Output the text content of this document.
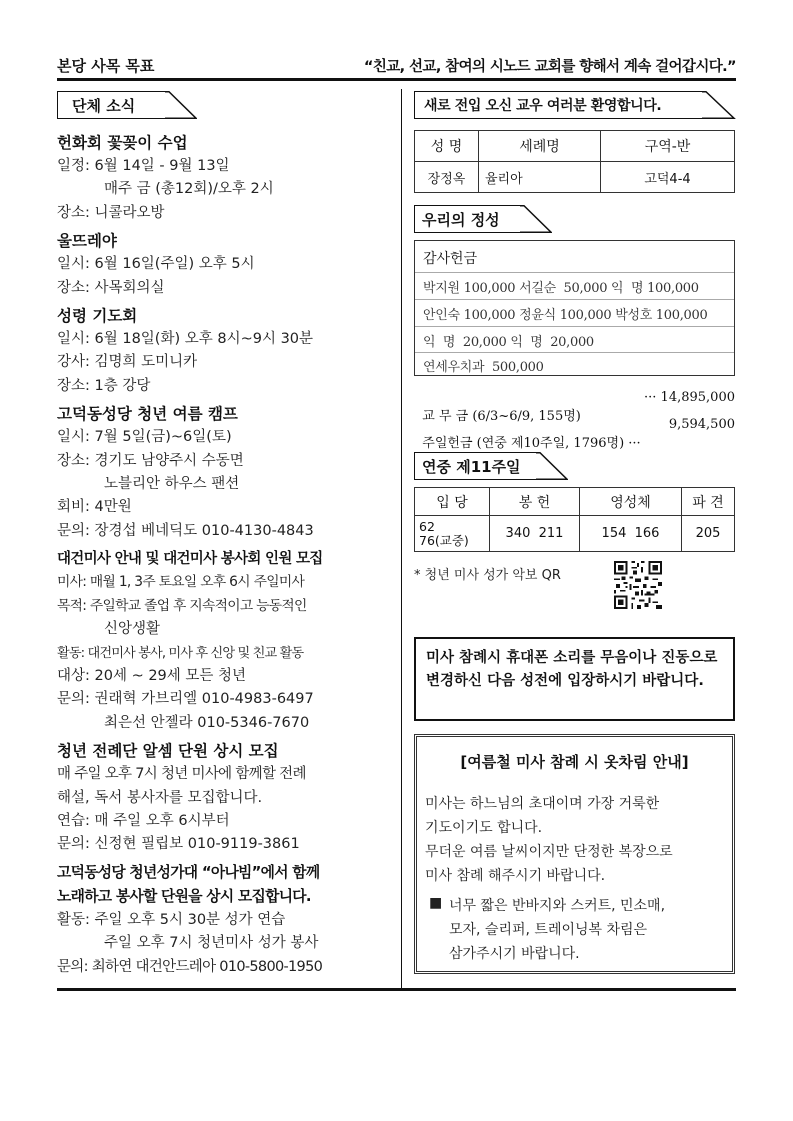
본당 사목 목표	“친교, 선교, 참여의 시노드 교회를 향해서 계속 걸어갑시다.”
단체 소식
헌화회 꽃꽂이 수업
일정: 6월 14일 - 9월 13일
매주 금 (총12회)/오후 2시
장소: 니콜라오방
울뜨레야
일시: 6월 16일(주일) 오후 5시
장소: 사목회의실
성령 기도회
일시: 6월 18일(화) 오후 8시~9시 30분
강사: 김명희 도미니카
장소: 1층 강당
고덕동성당 청년 여름 캠프
일시: 7월 5일(금)~6일(토)
장소: 경기도 남양주시 수동면
노블리안 하우스 팬션
회비: 4만원
문의: 장경섭 베네딕도 010-4130-4843
대건미사 안내 및 대건미사 봉사회 인원 모집
미사: 매월 1, 3주 토요일 오후 6시 주일미사
목적: 주일학교 졸업 후 지속적이고 능동적인
신앙생활
활동: 대건미사 봉사, 미사 후 신앙 및 친교 활동
대상: 20세 ~ 29세 모든 청년
문의: 권래혁 가브리엘 010-4983-6497
최은선 안젤라 010-5346-7670
청년 전례단 알셈 단원 상시 모집
매 주일 오후 7시 청년 미사에 함께할 전례
해설, 독서 봉사자를 모집합니다.
연습: 매 주일 오후 6시부터
문의: 신정현 필립보 010-9119-3861
고덕동성당 청년성가대 “아나빔”에서 함께
노래하고 봉사할 단원을 상시 모집합니다.
활동: 주일 오후 5시 30분 성가 연습
주일 오후 7시 청년미사 성가 봉사
문의: 최하연 대건안드레아 010-5800-1950
새로 전입 오신 교우 여러분 환영합니다.
성 명	세례명	구역-반
장정옥	율리아	고덕4-4
우리의 정성
감사헌금
박지원 100,000 서길순  50,000 익  명 100,000
안인숙 100,000 정윤식 100,000 박성호 100,000
익  명  20,000 익  명  20,000
연세우치과  500,000

교 무 금 (6/3~6/9, 155명)

··· 14,895,000

주일헌금 (연중 제10주일, 1796명) ···

9,594,500

연중 제11주일
입 당	봉 헌	영성체	파 견

62
76(교중)	340  211	154  166	205
* 청년 미사 성가 악보 QR
미사 참례시 휴대폰 소리를 무음이나 진동으로 변경하신 다음 성전에 입장하시기 바랍니다.
[여름철 미사 참례 시 옷차림 안내]
미사는 하느님의 초대이며 가장 거룩한
기도이기도 합니다.
무더운 여름 날씨이지만 단정한 복장으로
미사 참례 해주시기 바랍니다.
■ 너무 짧은 반바지와 스커트, 민소매,
모자, 슬리퍼, 트레이닝복 차림은
삼가주시기 바랍니다.
